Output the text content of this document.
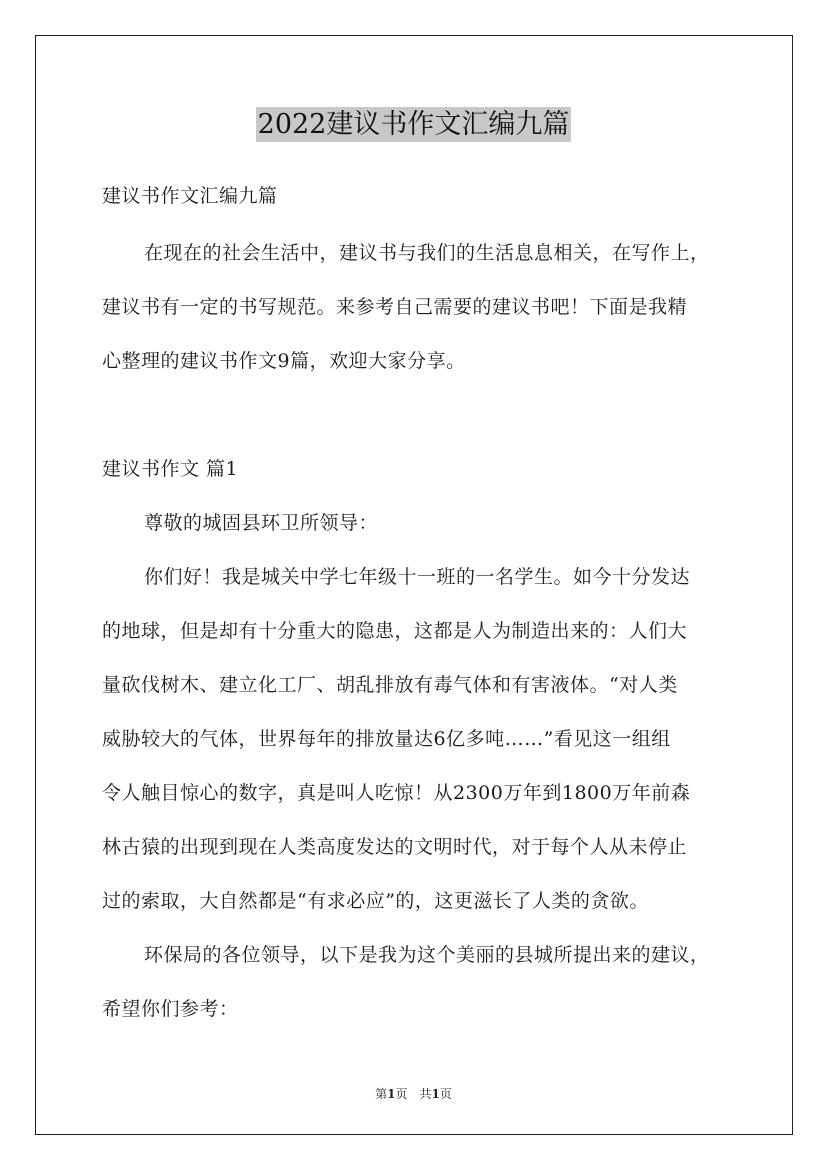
2022建议书作文汇编九篇
建议书作文汇编九篇
在现在的社会生活中，建议书与我们的生活息息相关，在写作上，
建议书有一定的书写规范。来参考自己需要的建议书吧！下面是我精
心整理的建议书作文9篇，欢迎大家分享。
建议书作文 篇1
尊敬的城固县环卫所领导：
你们好！我是城关中学七年级十一班的一名学生。如今十分发达
的地球，但是却有十分重大的隐患，这都是人为制造出来的：人们大
量砍伐树木、建立化工厂、胡乱排放有毒气体和有害液体。“对人类
威胁较大的气体，世界每年的排放量达6亿多吨……”看见这一组组
令人触目惊心的数字，真是叫人吃惊！从2300万年到1800万年前森
林古猿的出现到现在人类高度发达的文明时代，对于每个人从未停止
过的索取，大自然都是“有求必应”的，这更滋长了人类的贪欲。
环保局的各位领导，以下是我为这个美丽的县城所提出来的建议，
希望你们参考：
第1页　共1页
